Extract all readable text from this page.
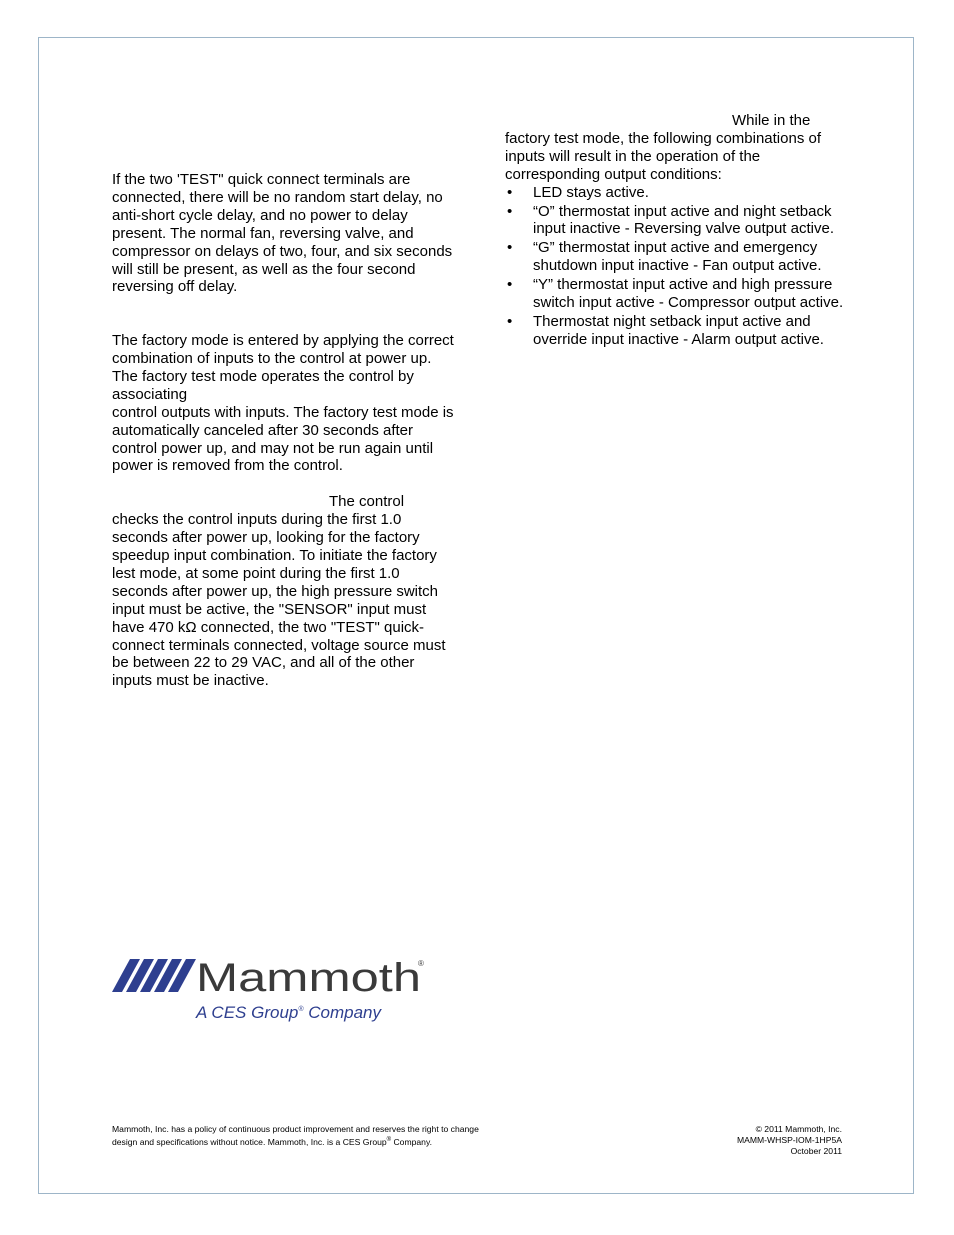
If the two 'TEST" quick connect terminals are connected, there will be no random start delay, no anti-short cycle delay, and no power to delay present. The normal fan, reversing valve, and compressor on delays of two, four, and six seconds will still be present, as well as the four second reversing off delay.

The factory mode is entered by applying the correct combination of inputs to the control at power up. The factory test mode operates the control by associating

control outputs with inputs. The factory test mode is automatically canceled after 30 seconds after control power up, and may not be run again until power is removed from the control.

The control
checks the control inputs during the first 1.0 seconds after power up, looking for the factory speedup input combination. To initiate the factory lest mode, at some point during the first 1.0 seconds after power up, the high pressure switch input must be active, the "SENSOR" input must have 470 kΩ connected, the two "TEST" quick-connect terminals connected, voltage source must be between 22 to 29 VAC, and all of the other inputs must be inactive.

While in the
factory test mode, the following combinations of inputs will result in the operation of the corresponding output conditions:

• LED stays active.
• “O” thermostat input active and night setback input inactive - Reversing valve output active.
• “G” thermostat input active and emergency shutdown input inactive - Fan output active.
• “Y” thermostat input active and high pressure switch input active - Compressor output active.
• Thermostat night setback input active and override input inactive - Alarm output active.
Mammoth
®
A CES Group® Company
Mammoth, Inc. has a policy of continuous product improvement and reserves the right to change design and specifications without notice. Mammoth, Inc. is a CES Group® Company.
© 2011 Mammoth, Inc.
MAMM-WHSP-IOM-1HP5A
October 2011
